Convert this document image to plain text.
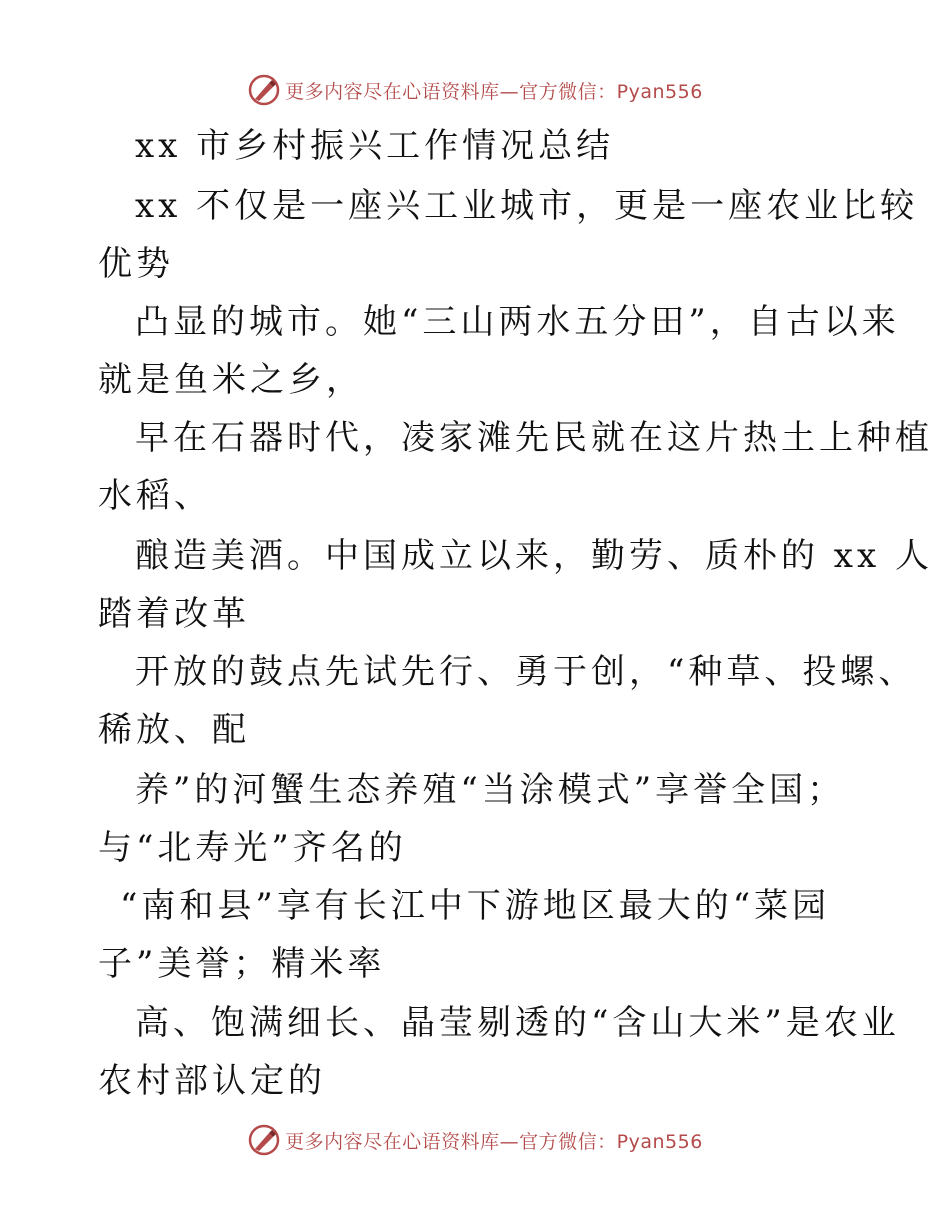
更多内容尽在心语资料库—官方微信：Pyan556
xx 市乡村振兴工作情况总结
xx 不仅是一座兴工业城市，更是一座农业比较
优势
凸显的城市。她“三山两水五分田”，自古以来
就是鱼米之乡，
早在石器时代，凌家滩先民就在这片热土上种植
水稻、
酿造美酒。中国成立以来，勤劳、质朴的 xx 人
踏着改革
开放的鼓点先试先行、勇于创，“种草、投螺、
稀放、配
养”的河蟹生态养殖“当涂模式”享誉全国；
与“北寿光”齐名的
“南和县”享有长江中下游地区最大的“菜园
子”美誉；精米率
高、饱满细长、晶莹剔透的“含山大米”是农业
农村部认定的
更多内容尽在心语资料库—官方微信：Pyan556
